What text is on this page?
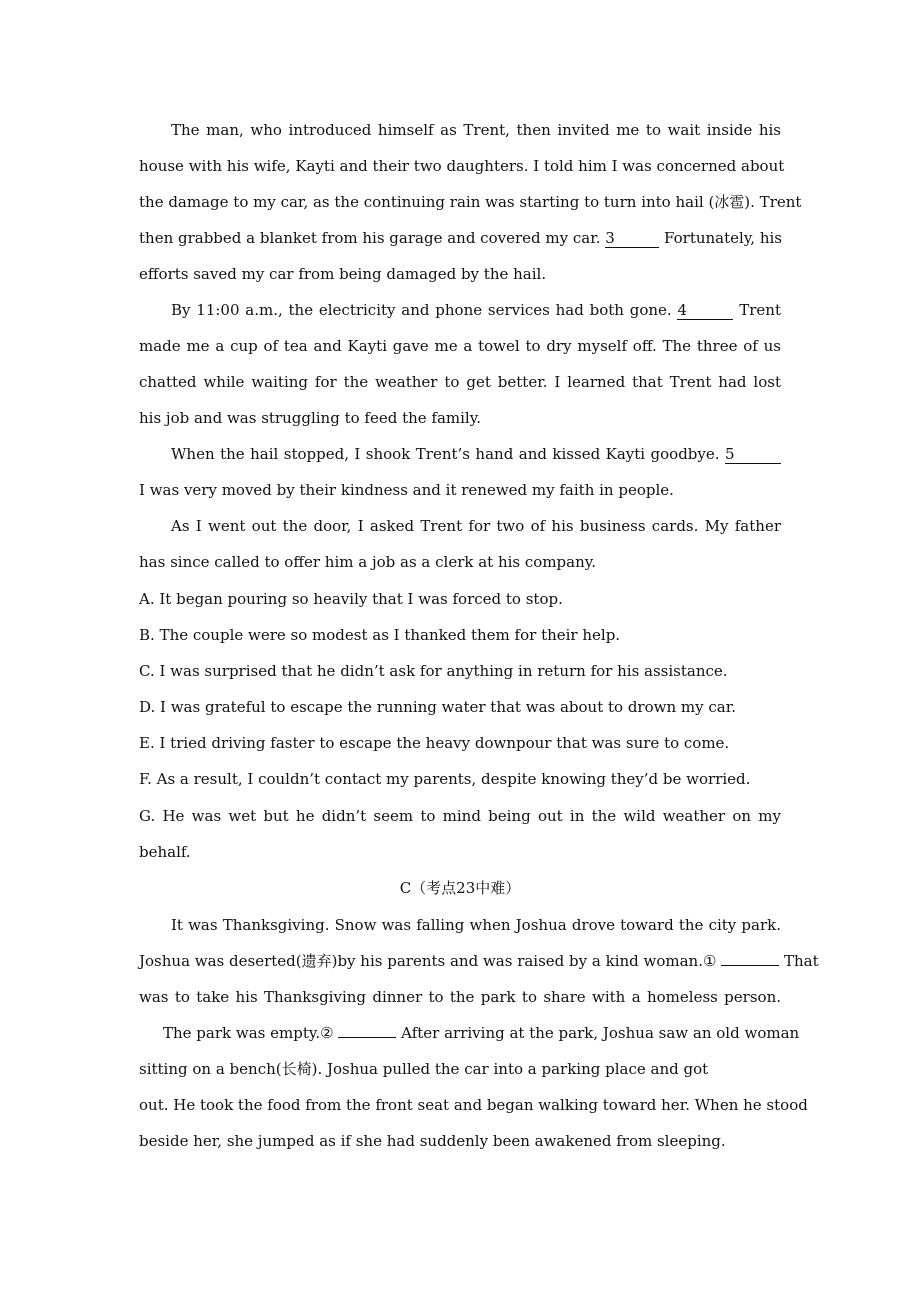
The man, who introduced himself as Trent, then invited me to wait inside his
house with his wife, Kayti and their two daughters. I told him I was concerned about
the damage to my car, as the continuing rain was starting to turn into hail (冰雹). Trent
then grabbed a blanket from his garage and covered my car. 3	Fortunately, his
efforts saved my car from being damaged by the hail.
By 11:00 a.m., the electricity and phone services had both gone. 4	Trent
made me a cup of tea and Kayti gave me a towel to dry myself off. The three of us
chatted while waiting for the weather to get better. I learned that Trent had lost
his job and was struggling to feed the family.
When the hail stopped, I shook Trent’s hand and kissed Kayti goodbye. 5
I was very moved by their kindness and it renewed my faith in people.
As I went out the door, I asked Trent for two of his business cards. My father
has since called to offer him a job as a clerk at his company.
A. It began pouring so heavily that I was forced to stop.
B. The couple were so modest as I thanked them for their help.
C. I was surprised that he didn’t ask for anything in return for his assistance.
D. I was grateful to escape the running water that was about to drown my car.
E. I tried driving faster to escape the heavy downpour that was sure to come.
F. As a result, I couldn’t contact my parents, despite knowing they’d be worried.
G. He was wet but he didn’t seem to mind being out in the wild weather on my
behalf.
C（考点23中难）
It was Thanksgiving. Snow was falling when Joshua drove toward the city park.
Joshua was deserted(遗弃)by his parents and was raised by a kind woman.①	That
was to take his Thanksgiving dinner to the park to share with a homeless person.
The park was empty.②	After arriving at the park, Joshua saw an old woman
sitting on a bench(长椅). Joshua pulled the car into a parking place and got
out. He took the food from the front seat and began walking toward her. When he stood
beside her, she jumped as if she had suddenly been awakened from sleeping.
